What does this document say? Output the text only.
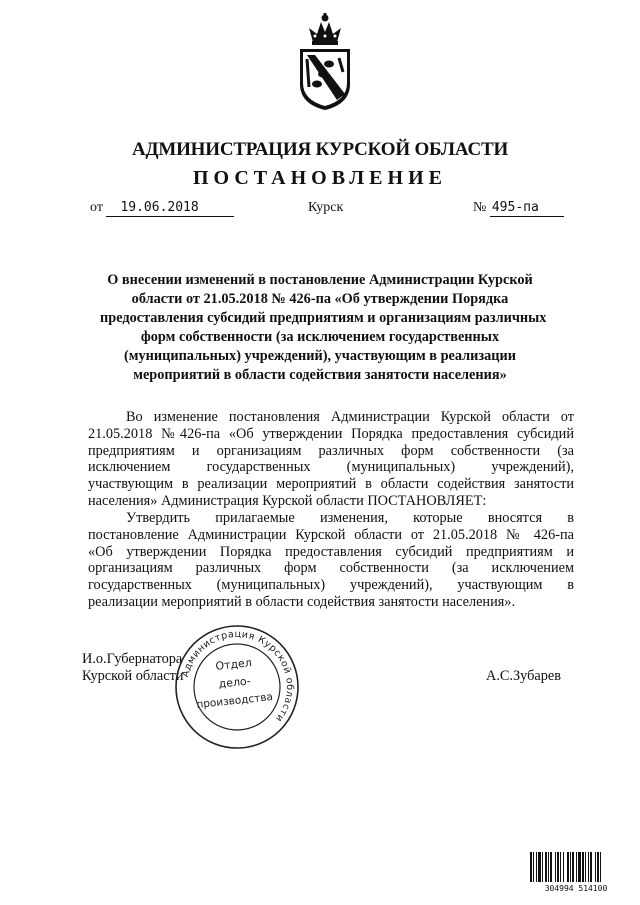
АДМИНИСТРАЦИЯ КУРСКОЙ ОБЛАСТИ
ПОСТАНОВЛЕНИЕ
от 19.06.2018	Курск	№ 495-па
О внесении изменений в постановление Администрации Курской
области от 21.05.2018 № 426-па «Об утверждении Порядка
предоставления субсидий предприятиям и организациям различных
форм собственности (за исключением государственных
(муниципальных) учреждений), участвующим в реализации
мероприятий в области содействия занятости населения»
Во изменение постановления Администрации Курской области от
21.05.2018 №426-па «Об утверждении Порядка предоставления субсидий
предприятиям и организациям различных форм собственности (за
исключением государственных (муниципальных) учреждений),
участвующим в реализации мероприятий в области содействия занятости
населения» Администрация Курской области ПОСТАНОВЛЯЕТ:
Утвердить прилагаемые изменения, которые вносятся в
постановление Администрации Курской области от 21.05.2018 № 426-па
«Об утверждении Порядка предоставления субсидий предприятиям и
организациям различных форм собственности (за исключением
государственных (муниципальных) учреждений), участвующим в
реализации мероприятий в области содействия занятости населения».
И.о.Губернатора
Курской области	А.С.Зубарев
Администрация Курской области
Отдел
дело-
производства
304994 514100
